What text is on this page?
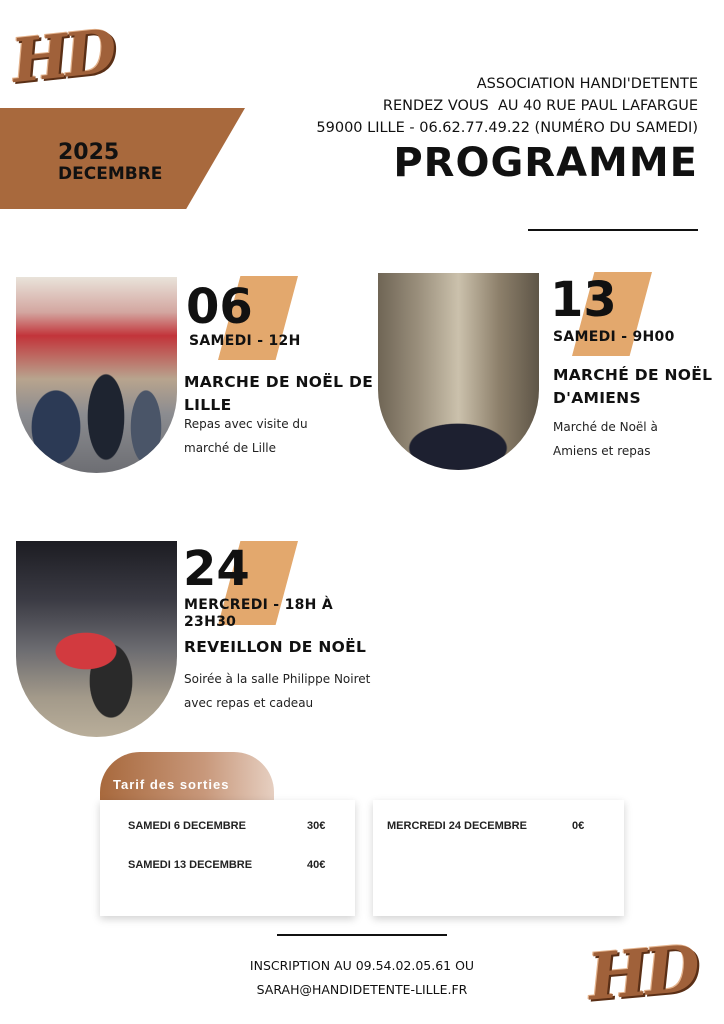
HD
HD
2025
DECEMBRE
ASSOCIATION HANDI'DETENTE
RENDEZ VOUS  AU 40 RUE PAUL LAFARGUE
59000 LILLE - 06.62.77.49.22 (NUMÉRO DU SAMEDI)
PROGRAMME
06
SAMEDI - 12H
MARCHE DE NOËL DE LILLE
Repas avec visite du marché de Lille
13
SAMEDI - 9H00
MARCHÉ DE NOËL D'AMIENS
Marché de Noël à Amiens et repas
24
MERCREDI - 18H À 23H30
REVEILLON DE NOËL
Soirée à la salle Philippe Noiret avec repas et cadeau
Tarif des sorties
SAMEDI 6 DECEMBRE	30€
SAMEDI 13 DECEMBRE	40€
MERCREDI 24 DECEMBRE	0€
INSCRIPTION AU 09.54.02.05.61 OU
SARAH@HANDIDETENTE-LILLE.FR
